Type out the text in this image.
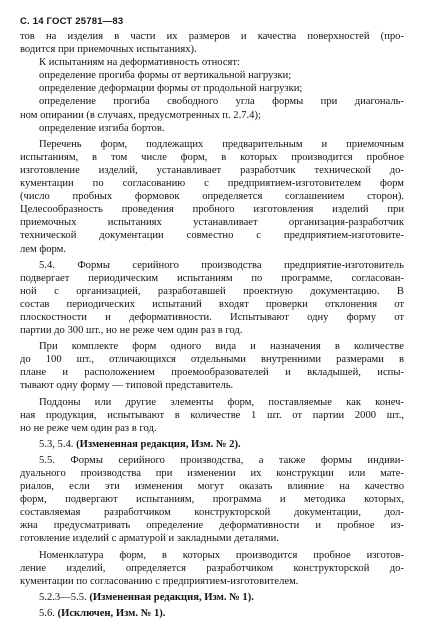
С. 14 ГОСТ 25781—83

тов на изделия в части их размеров и качества поверхностей (про-
водится при приемочных испытаниях).

К испытаниям на деформативность относят:

определение прогиба формы от вертикальной нагрузки;

определение деформации формы от продольной нагрузки;

определение прогиба свободного угла формы при диагональ-
ном опирании (в случаях, предусмотренных п. 2.7.4);

определение изгиба бортов.

Перечень форм, подлежащих предварительным и приемочным
испытаниям, в том числе форм, в которых производится пробное
изготовление изделий, устанавливает разработчик технической до-
кументации по согласованию с предприятием-изготовителем форм
(число пробных формовок определяется соглашением сторон).
Целесообразность проведения пробного изготовления изделий при
приемочных испытаниях устанавливает организация-разработчик
технической документации совместно с предприятием-изготовите-
лем форм.

5.4. Формы серийного производства предприятие-изготовитель
подвергает периодическим испытаниям по программе, согласован-
ной с организацией, разработавшей проектную документацию. В
состав периодических испытаний входят проверки отклонения от
плоскостности и деформативности. Испытывают одну форму от
партии до 300 шт., но не реже чем один раз в год.

При комплекте форм одного вида и назначения в количестве
до 100 шт., отличающихся отдельными внутренними размерами в
плане и расположением проемообразователей и вкладышей, испы-
тывают одну форму — типовой представитель.

Поддоны или другие элементы форм, поставляемые как конеч-
ная продукция, испытывают в количестве 1 шт. от партии 2000 шт.,
но не реже чем один раз в год.

5.3, 5.4. (Измененная редакция, Изм. № 2).

5.5. Формы серийного производства, а также формы индиви-
дуального производства при изменении их конструкции или мате-
риалов, если эти изменения могут оказать влияние на качество
форм, подвергают испытаниям, программа и методика которых,
составляемая разработчиком конструкторской документации, дол-
жна предусматривать определение деформативности и пробное из-
готовление изделий с арматурой и закладными деталями.

Номенклатура форм, в которых производится пробное изготов-
ление изделий, определяется разработчиком конструкторской до-
кументации по согласованию с предприятием-изготовителем.

5.2.3—5.5. (Измененная редакция, Изм. № 1).

5.6. (Исключен, Изм. № 1).
